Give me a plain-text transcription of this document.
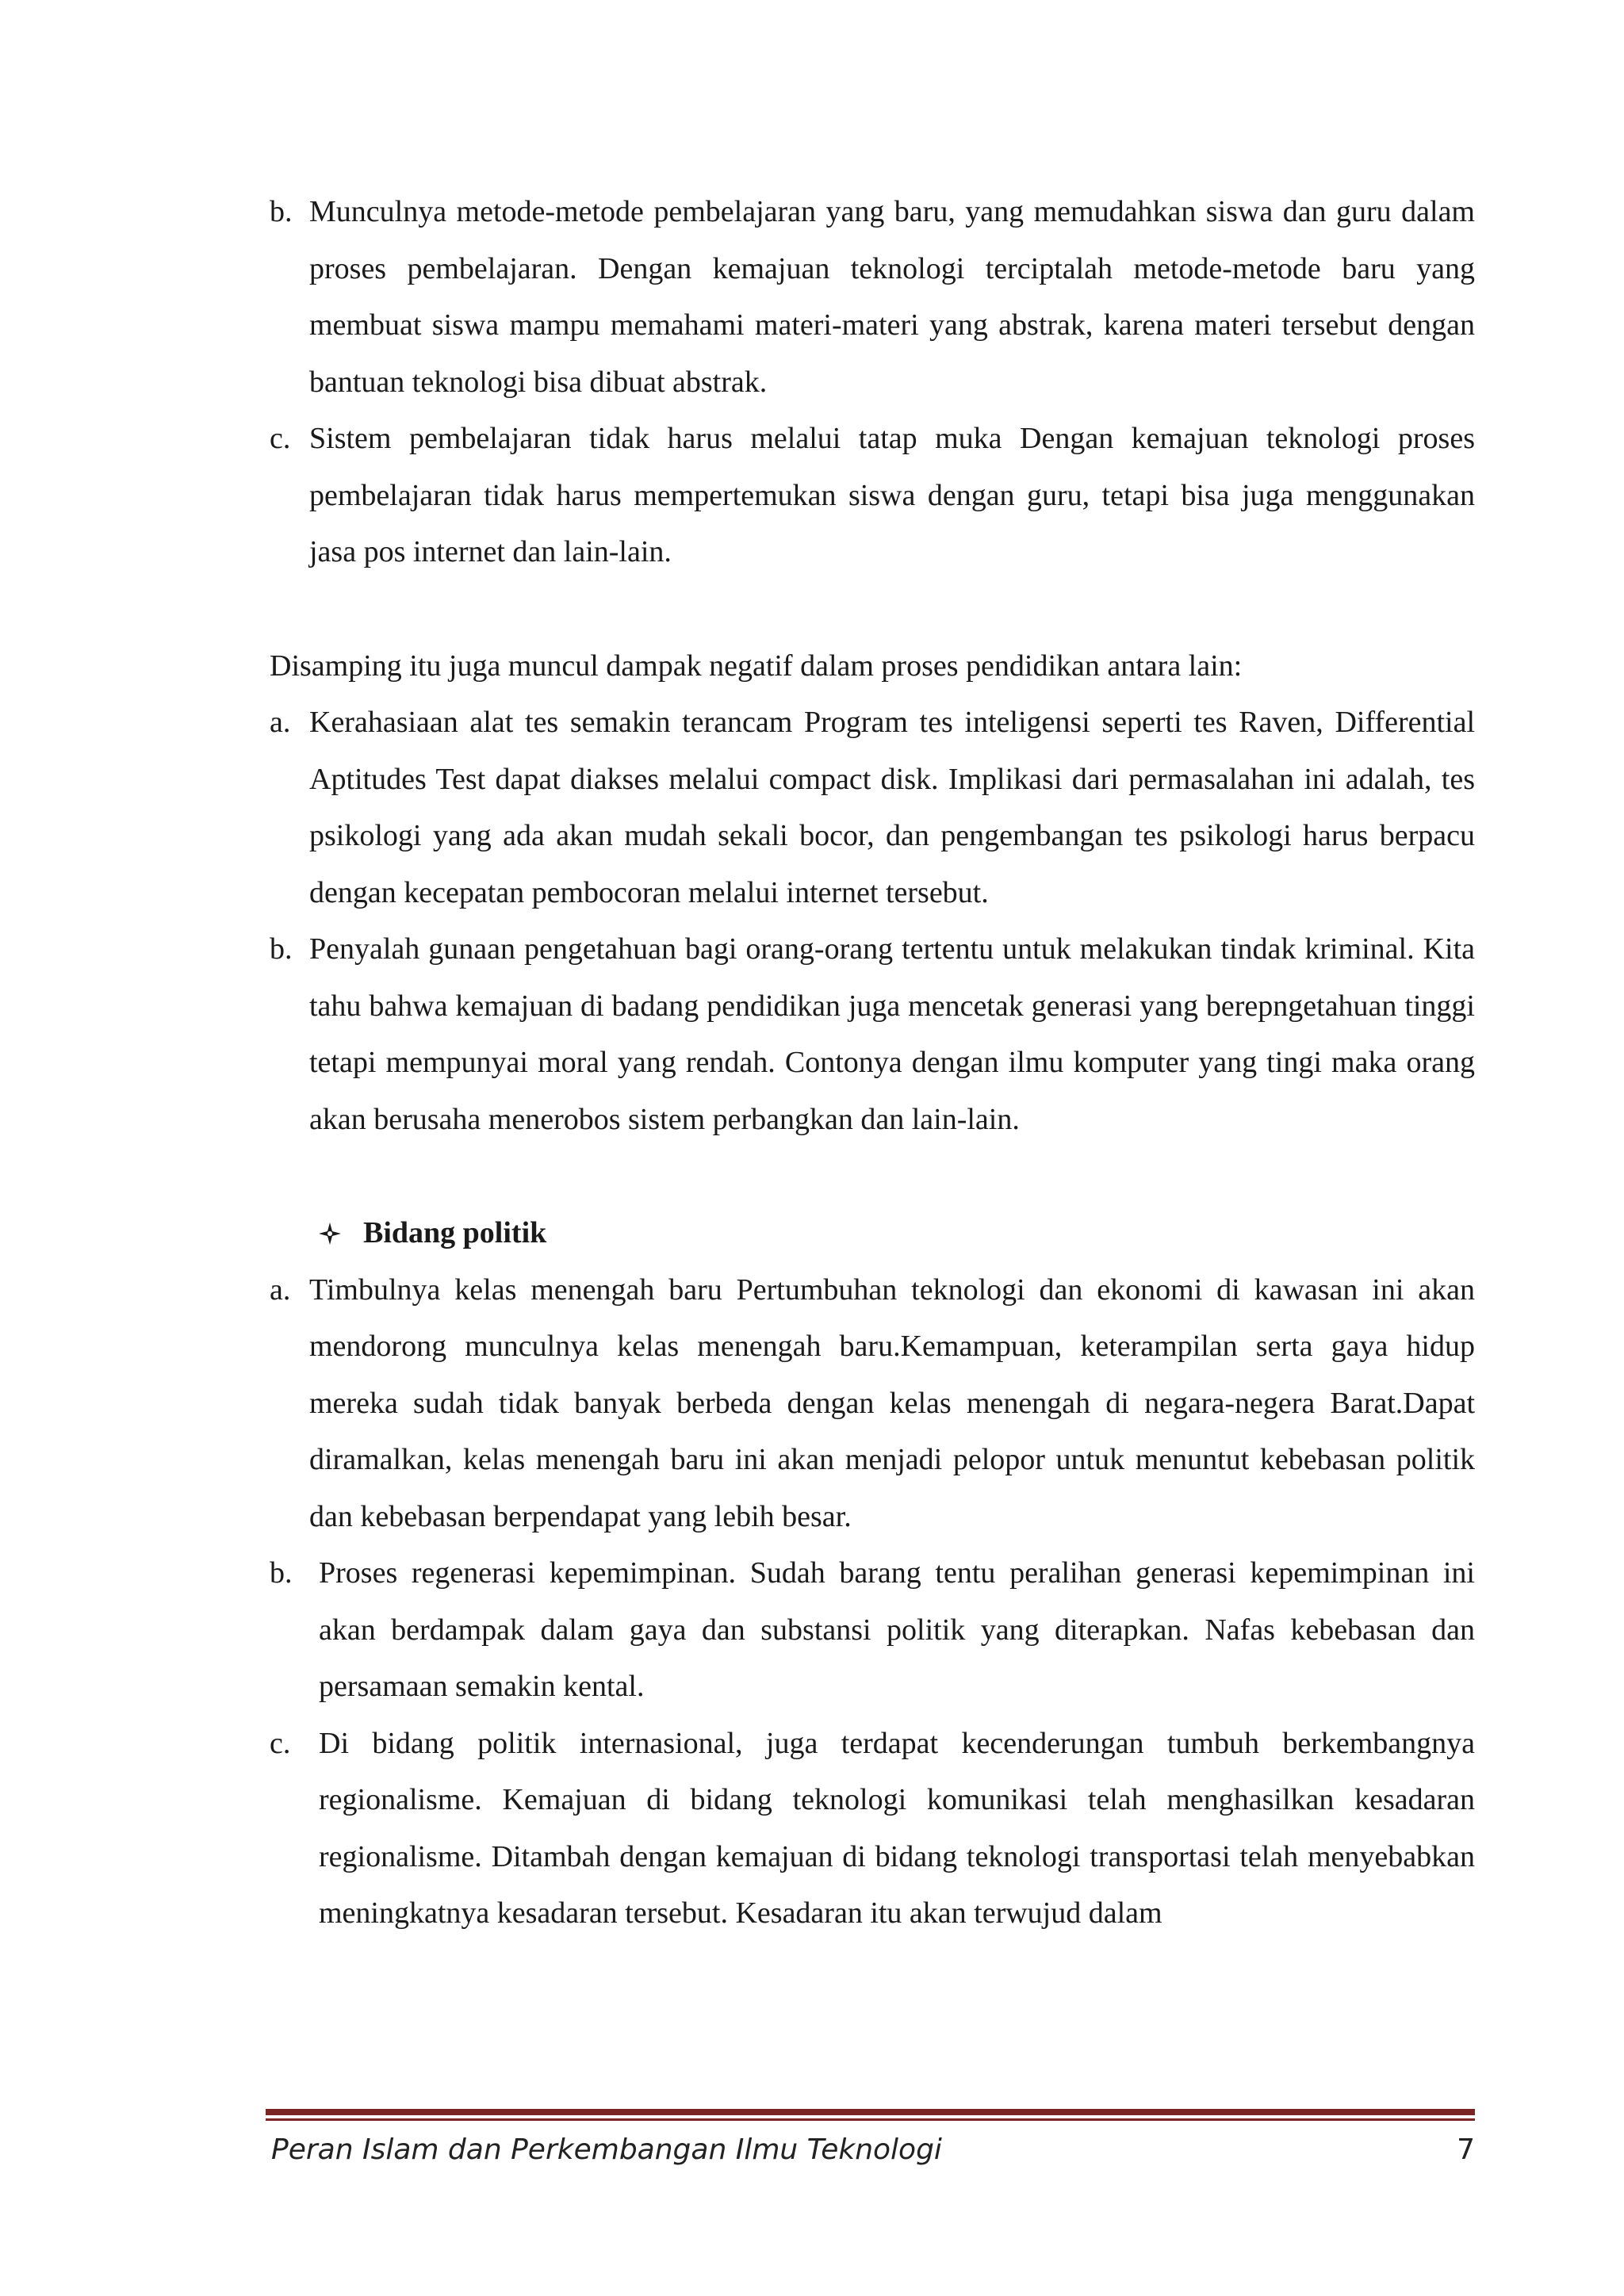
b. Munculnya metode-metode pembelajaran yang baru, yang memudahkan siswa dan guru dalam proses pembelajaran. Dengan kemajuan teknologi terciptalah metode-metode baru yang membuat siswa mampu memahami materi-materi yang abstrak, karena materi tersebut dengan bantuan teknologi bisa dibuat abstrak.
c. Sistem pembelajaran tidak harus melalui tatap muka Dengan kemajuan teknologi proses pembelajaran tidak harus mempertemukan siswa dengan guru, tetapi bisa juga menggunakan jasa pos internet dan lain-lain.
Disamping itu juga muncul dampak negatif dalam proses pendidikan antara lain:
a. Kerahasiaan alat tes semakin terancam Program tes inteligensi seperti tes Raven, Differential Aptitudes Test dapat diakses melalui compact disk. Implikasi dari permasalahan ini adalah, tes psikologi yang ada akan mudah sekali bocor, dan pengembangan tes psikologi harus berpacu dengan kecepatan pembocoran melalui internet tersebut.
b. Penyalah gunaan pengetahuan bagi orang-orang tertentu untuk melakukan tindak kriminal. Kita tahu bahwa kemajuan di badang pendidikan juga mencetak generasi yang berepngetahuan tinggi tetapi mempunyai moral yang rendah. Contonya dengan ilmu komputer yang tingi maka orang akan berusaha menerobos sistem perbangkan dan lain-lain.
Bidang politik
a. Timbulnya kelas menengah baru Pertumbuhan teknologi dan ekonomi di kawasan ini akan mendorong munculnya kelas menengah baru.Kemampuan, keterampilan serta gaya hidup mereka sudah tidak banyak berbeda dengan kelas menengah di negara-negera Barat.Dapat diramalkan, kelas menengah baru ini akan menjadi pelopor untuk menuntut kebebasan politik dan kebebasan berpendapat yang lebih besar.
b. Proses regenerasi kepemimpinan. Sudah barang tentu peralihan generasi kepemimpinan ini akan berdampak dalam gaya dan substansi politik yang diterapkan. Nafas kebebasan dan persamaan semakin kental.
c. Di bidang politik internasional, juga terdapat kecenderungan tumbuh berkembangnya regionalisme. Kemajuan di bidang teknologi komunikasi telah menghasilkan kesadaran regionalisme. Ditambah dengan kemajuan di bidang teknologi transportasi telah menyebabkan meningkatnya kesadaran tersebut. Kesadaran itu akan terwujud dalam
Peran Islam dan Perkembangan Ilmu Teknologi	7
